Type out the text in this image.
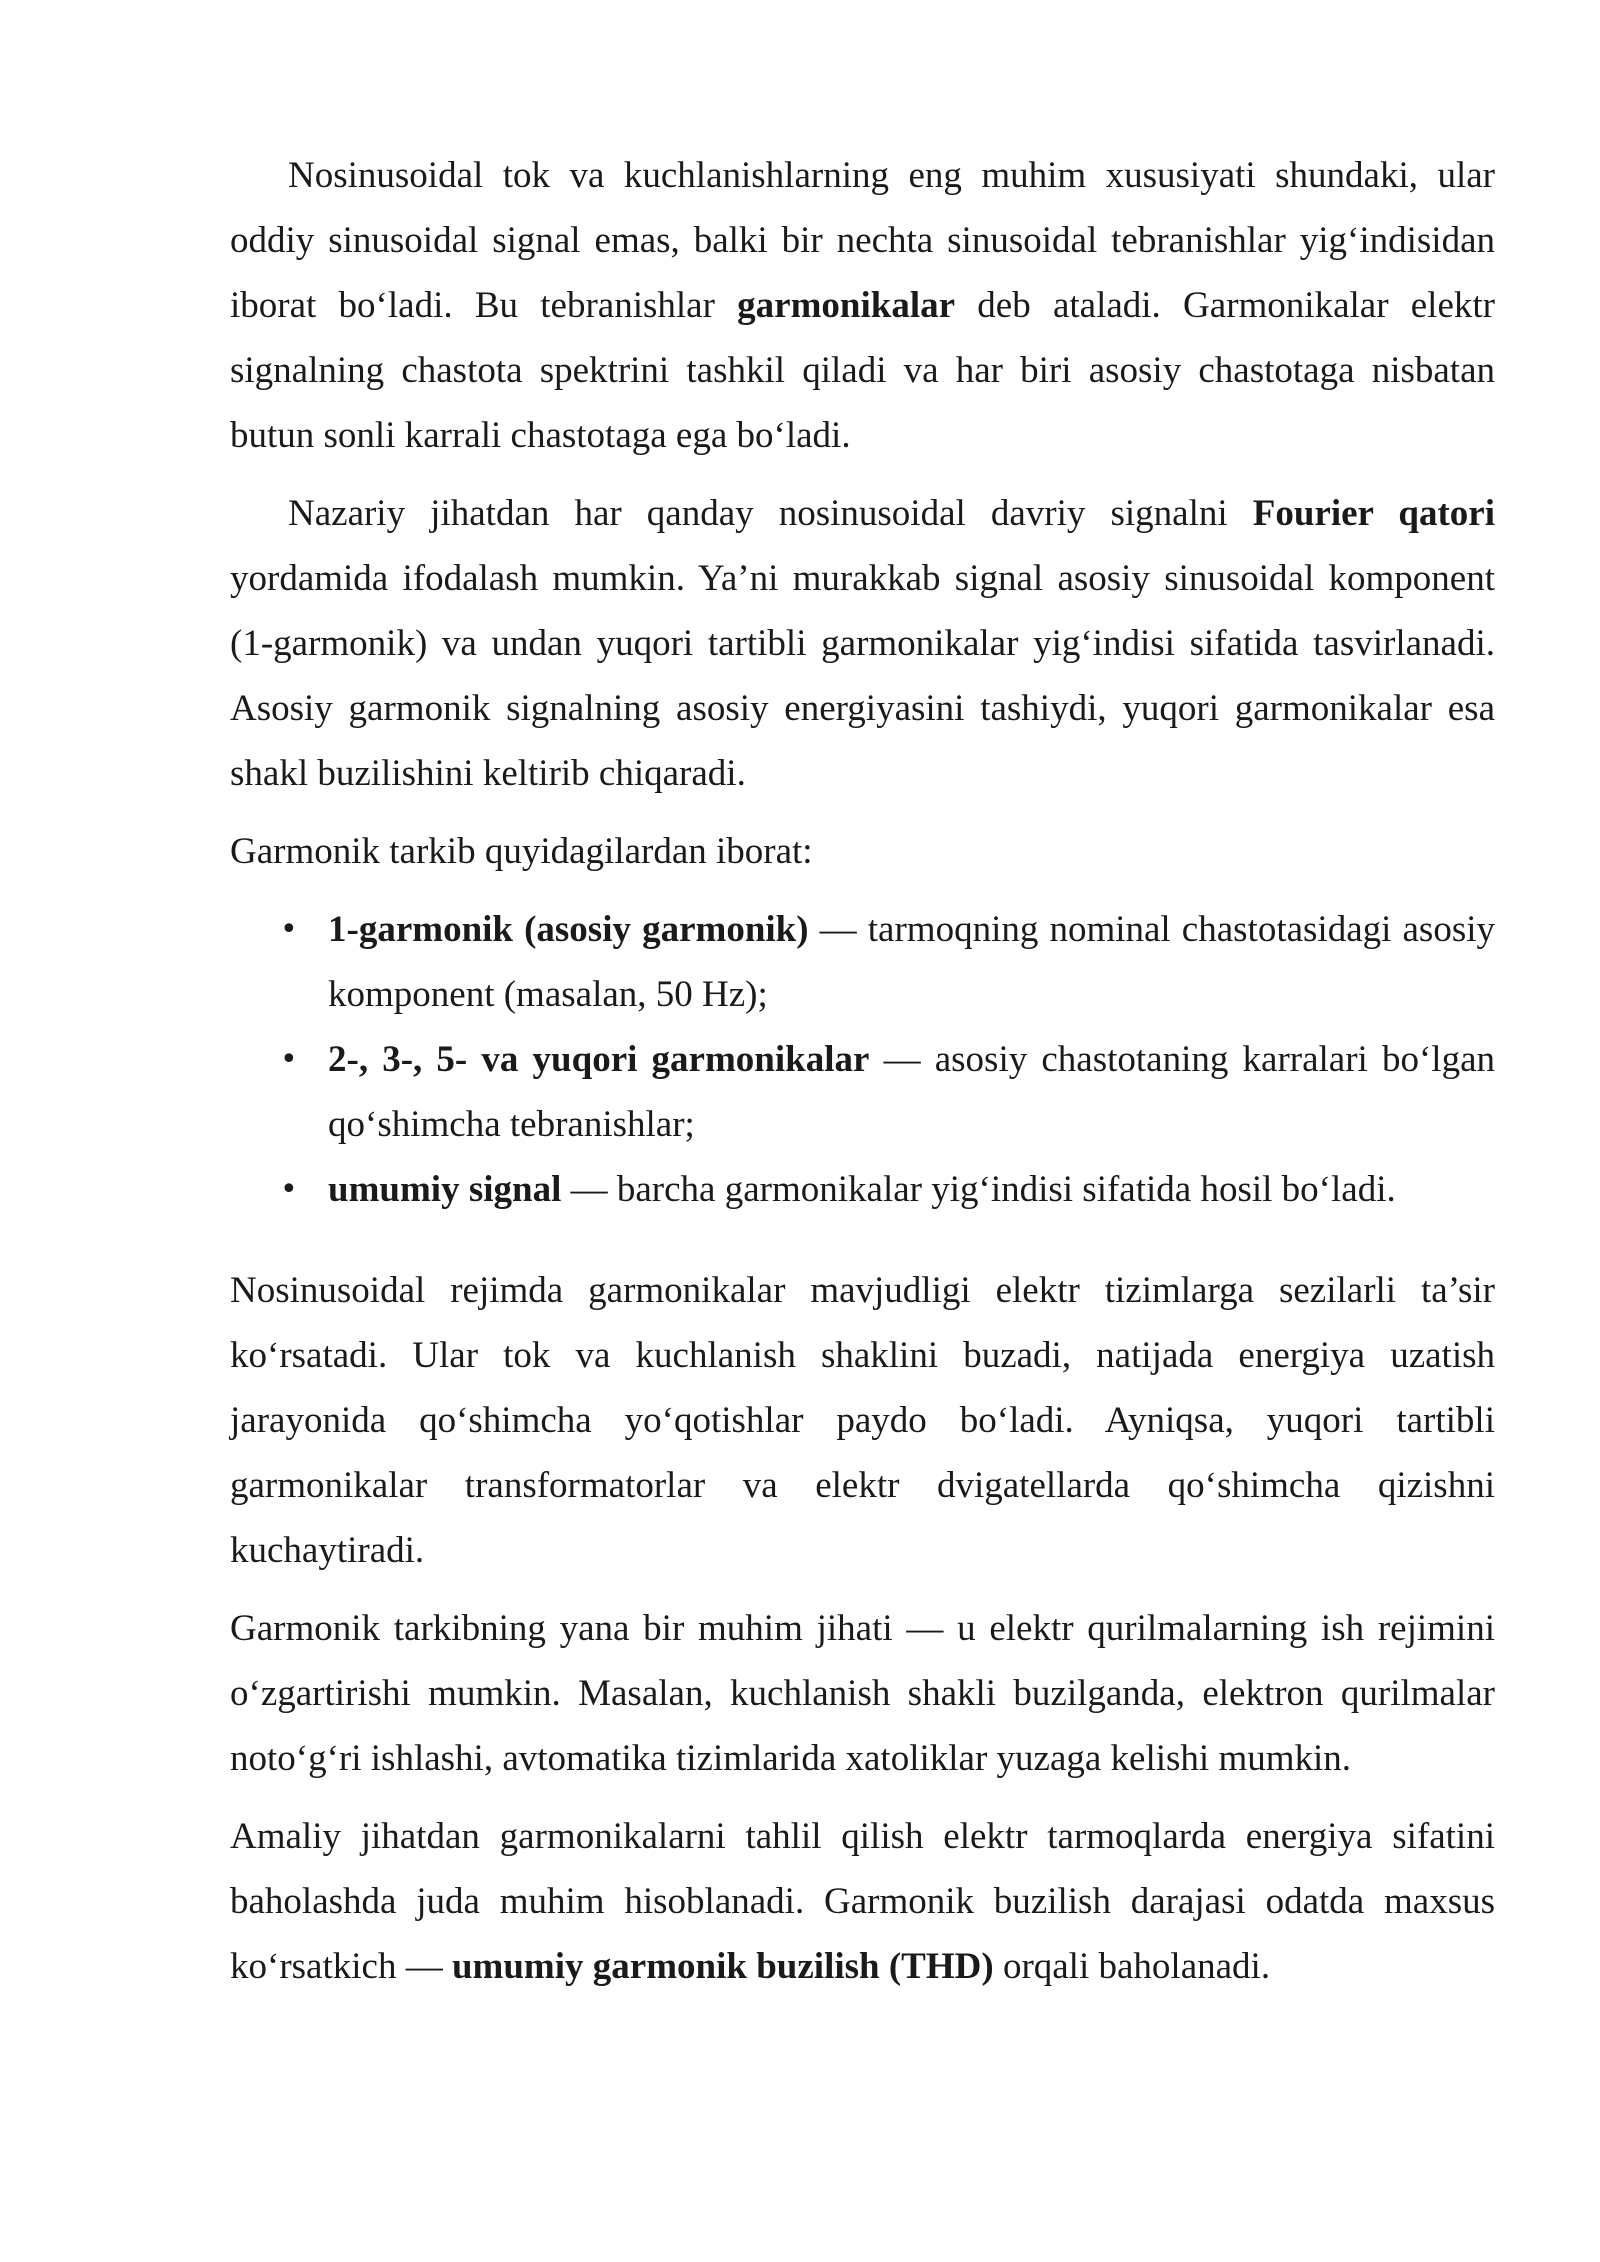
Nosinusoidal tok va kuchlanishlarning eng muhim xususiyati shundaki, ular oddiy sinusoidal signal emas, balki bir nechta sinusoidal tebranishlar yig‘indisidan iborat bo‘ladi. Bu tebranishlar garmonikalar deb ataladi. Garmonikalar elektr signalning chastota spektrini tashkil qiladi va har biri asosiy chastotaga nisbatan butun sonli karrali chastotaga ega bo‘ladi.

Nazariy jihatdan har qanday nosinusoidal davriy signalni Fourier qatori yordamida ifodalash mumkin. Ya’ni murakkab signal asosiy sinusoidal komponent (1-garmonik) va undan yuqori tartibli garmonikalar yig‘indisi sifatida tasvirlanadi. Asosiy garmonik signalning asosiy energiyasini tashiydi, yuqori garmonikalar esa shakl buzilishini keltirib chiqaradi.

Garmonik tarkib quyidagilardan iborat:

• 1-garmonik (asosiy garmonik) — tarmoqning nominal chastotasidagi asosiy komponent (masalan, 50 Hz);
• 2-, 3-, 5- va yuqori garmonikalar — asosiy chastotaning karralari bo‘lgan qo‘shimcha tebranishlar;
• umumiy signal — barcha garmonikalar yig‘indisi sifatida hosil bo‘ladi.

Nosinusoidal rejimda garmonikalar mavjudligi elektr tizimlarga sezilarli ta’sir ko‘rsatadi. Ular tok va kuchlanish shaklini buzadi, natijada energiya uzatish jarayonida qo‘shimcha yo‘qotishlar paydo bo‘ladi. Ayniqsa, yuqori tartibli garmonikalar transformatorlar va elektr dvigatellarda qo‘shimcha qizishni kuchaytiradi.

Garmonik tarkibning yana bir muhim jihati — u elektr qurilmalarning ish rejimini o‘zgartirishi mumkin. Masalan, kuchlanish shakli buzilganda, elektron qurilmalar noto‘g‘ri ishlashi, avtomatika tizimlarida xatoliklar yuzaga kelishi mumkin.

Amaliy jihatdan garmonikalarni tahlil qilish elektr tarmoqlarda energiya sifatini baholashda juda muhim hisoblanadi. Garmonik buzilish darajasi odatda maxsus ko‘rsatkich — umumiy garmonik buzilish (THD) orqali baholanadi.
